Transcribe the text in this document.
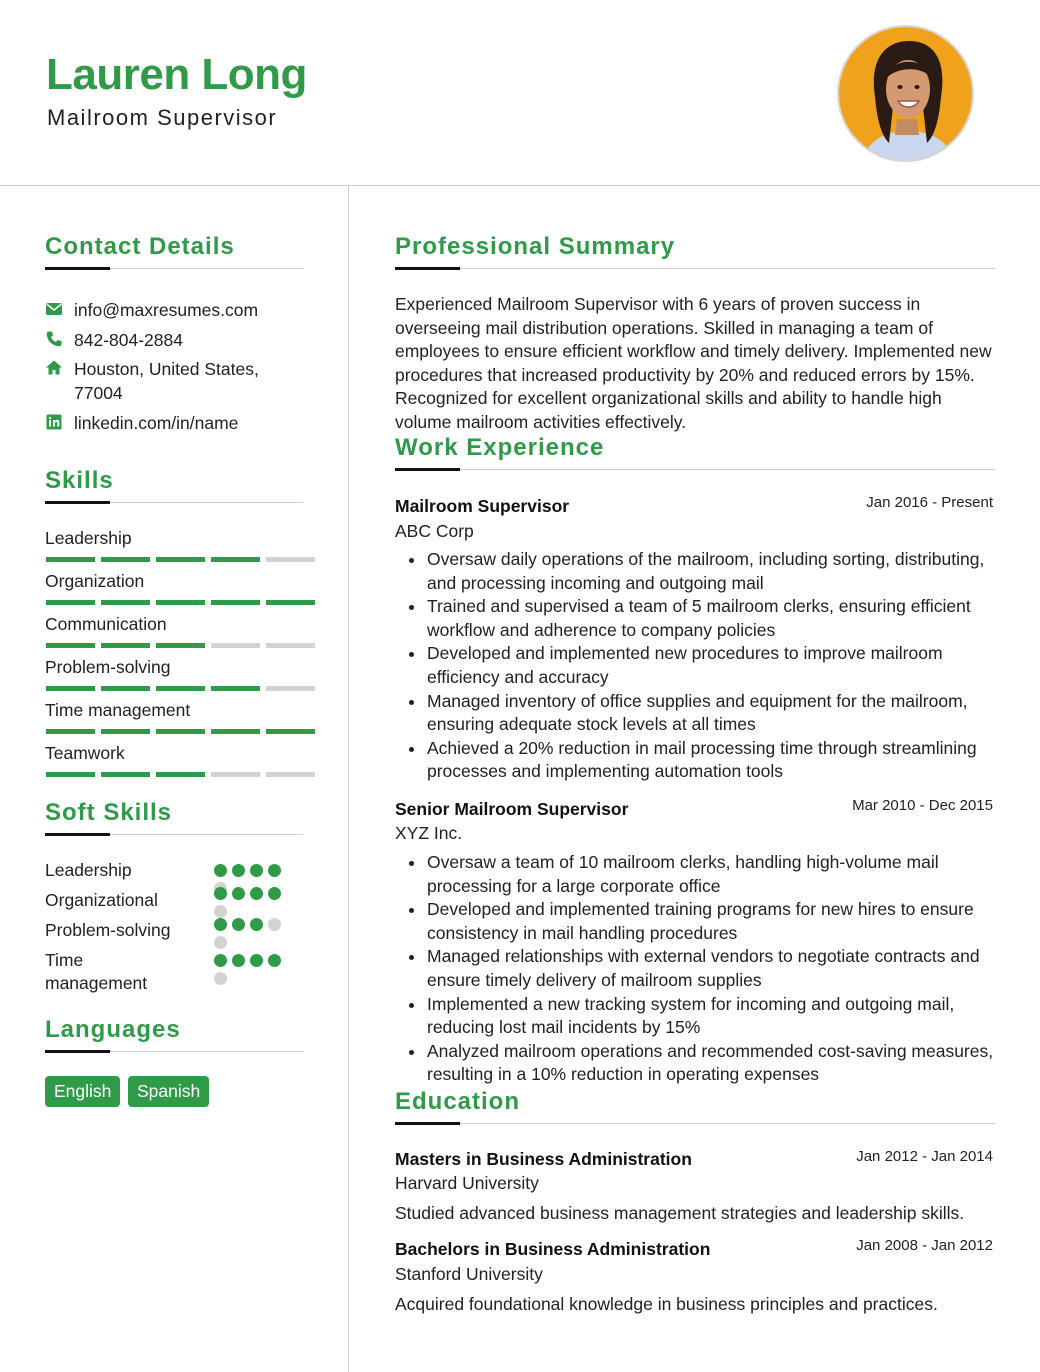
Lauren Long
Mailroom Supervisor
Contact Details
info@maxresumes.com
842-804-2884
Houston, United States,
77004
linkedin.com/in/name
Skills
Leadership
Organization
Communication
Problem-solving
Time management
Teamwork
Soft Skills
Leadership
Organizational
Problem-solving
Time
management
Languages
English	Spanish
Professional Summary
Experienced Mailroom Supervisor with 6 years of proven success in overseeing mail distribution operations. Skilled in managing a team of employees to ensure efficient workflow and timely delivery. Implemented new procedures that increased productivity by 20% and reduced errors by 15%. Recognized for excellent organizational skills and ability to handle high volume mailroom activities effectively.
Work Experience
Mailroom Supervisor	Jan 2016 - Present
ABC Corp
Oversaw daily operations of the mailroom, including sorting, distributing, and processing incoming and outgoing mail
Trained and supervised a team of 5 mailroom clerks, ensuring efficient workflow and adherence to company policies
Developed and implemented new procedures to improve mailroom efficiency and accuracy
Managed inventory of office supplies and equipment for the mailroom, ensuring adequate stock levels at all times
Achieved a 20% reduction in mail processing time through streamlining processes and implementing automation tools
Senior Mailroom Supervisor	Mar 2010 - Dec 2015
XYZ Inc.
Oversaw a team of 10 mailroom clerks, handling high-volume mail processing for a large corporate office
Developed and implemented training programs for new hires to ensure consistency in mail handling procedures
Managed relationships with external vendors to negotiate contracts and ensure timely delivery of mailroom supplies
Implemented a new tracking system for incoming and outgoing mail, reducing lost mail incidents by 15%
Analyzed mailroom operations and recommended cost-saving measures, resulting in a 10% reduction in operating expenses
Education
Masters in Business Administration	Jan 2012 - Jan 2014
Harvard University
Studied advanced business management strategies and leadership skills.
Bachelors in Business Administration	Jan 2008 - Jan 2012
Stanford University
Acquired foundational knowledge in business principles and practices.
